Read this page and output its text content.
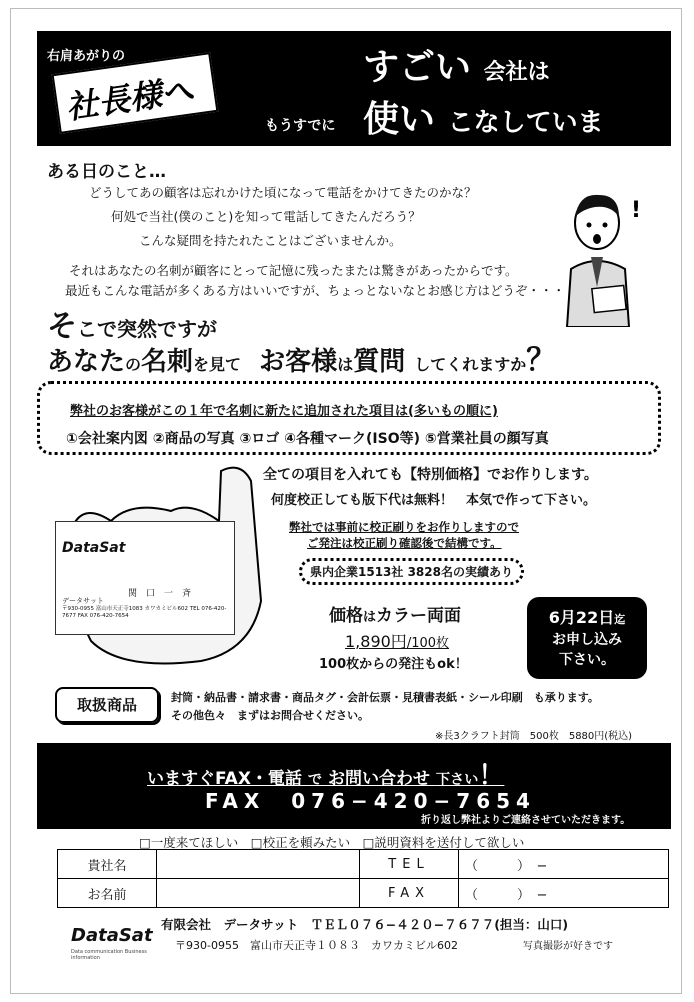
右肩あがりの
社長様へ	もうすでに
すごい 会社は
使い こなしていま
ある日のこと…
どうしてあの顧客は忘れかけた頃になって電話をかけてきたのかな？
何処で当社(僕のこと)を知って電話してきたんだろう？
こんな疑問を持たれたことはございませんか。
それはあなたの名刺が顧客にとって記憶に残ったまたは驚きがあったからです。
最近もこんな電話が多くある方はいいですが、ちょっとないなとお感じ方はどうぞ・・・
そこで突然ですが
あなたの名刺を見て お客様は質問 してくれますか？
!
弊社のお客様がこの１年で名刺に新たに追加された項目は(多いもの順に)
①会社案内図 ②商品の写真 ③ロゴ ④各種マーク(ISO等) ⑤営業社員の顔写真
DataSat
関　口　一　斉
データサット
〒930-0955 富山市天正寺1083 カワカミビル602 TEL 076-420-7677 FAX 076-420-7654
全ての項目を入れても【特別価格】でお作りします。
何度校正しても版下代は無料！　本気で作って下さい。
弊社では事前に校正刷りをお作りしますので
ご発注は校正刷り確認後で結構です。
県内企業1513社 3828名の実績あり
価格はカラー両面
1,890円/100枚
100枚からの発注もok！
6月22日迄
お申し込み
下さい。
取扱商品	封筒・納品書・請求書・商品タグ・会計伝票・見積書表紙・シール印刷　も承ります。
その他色々　まずはお問合せください。
※長3クラフト封筒　500枚　5880円(税込)
いますぐFAX・電話 で お問い合わせ 下さい！
FAX　076−420−7654
折り返し弊社よりご連絡させていただきます。
□一度来てほしい　□校正を頼みたい　□説明資料を送付して欲しい
貴社名		TEL	（　　　）　−
お名前		FAX	（　　　）　−
DataSat
Data communication Business information
有限会社　データサット　ＴＥＬ０７６−４２０−７６７７(担当：山口)
〒930-0955　富山市天正寺１０８３　カワカミビル602	写真撮影が好きです
